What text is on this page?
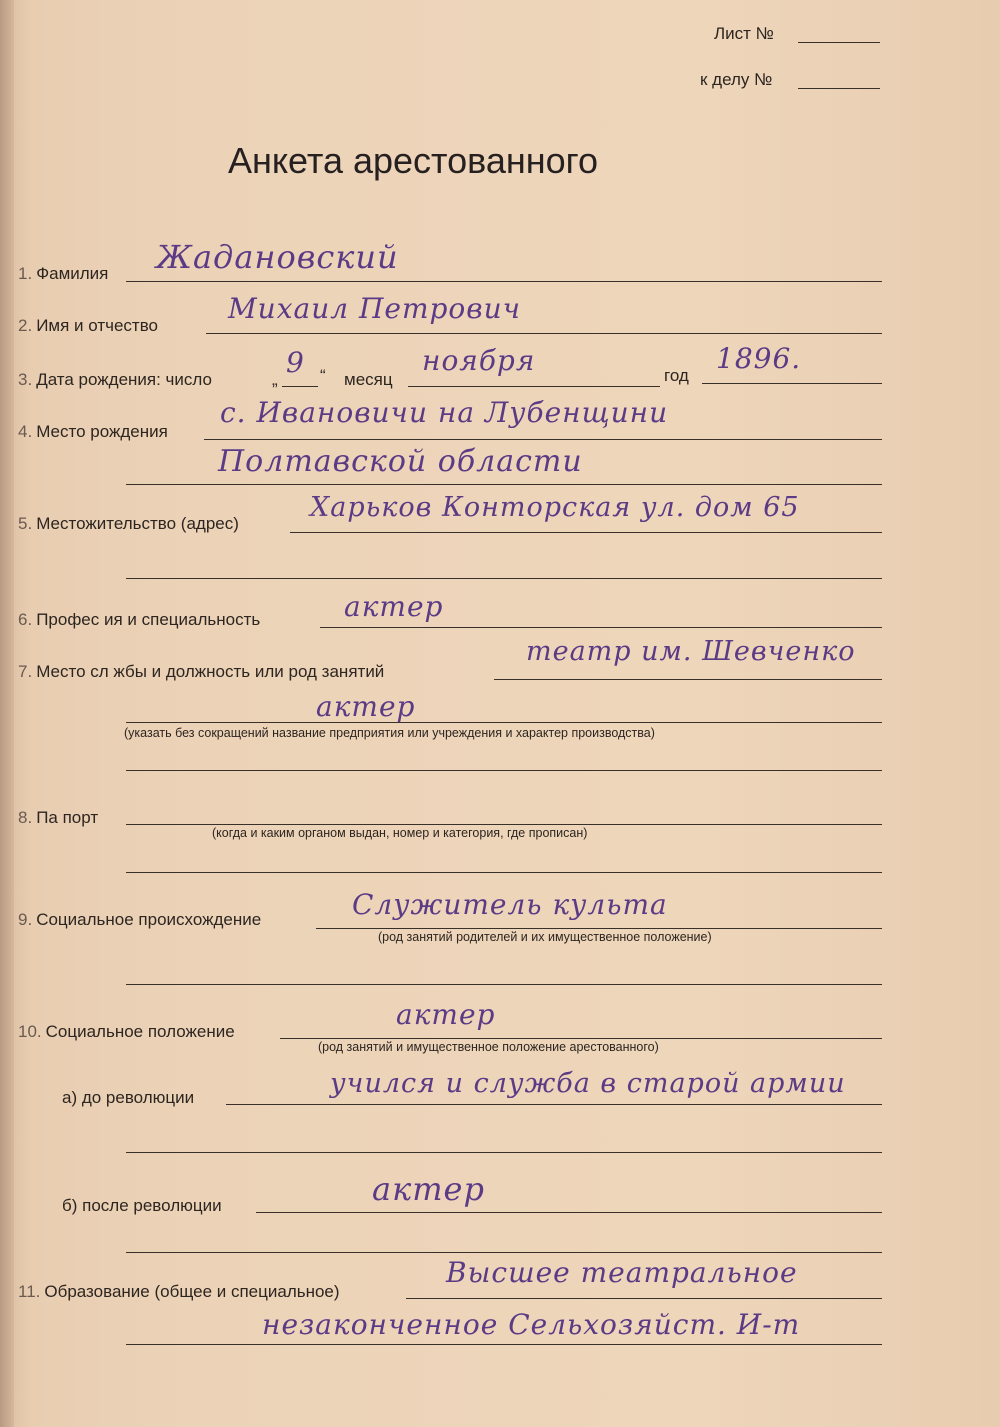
Лист №
к делу №
Анкета арестованного
1. Фамилия Жадановский
2. Имя и отчество
Михаил Петрович
3. Дата рождения: число	„
9 “ месяц
ноября	год
1896.
4. Место рождения
с. Ивановичи на Лубенщини
Полтавской области
5. Местожительство (адрес)
Харьков Конторская ул. дом 65
6. Профес ия и специальность	актер
7. Место сл жбы и должность или род занятий
театр им. Шевченко
актер
(указать без сокращений название предприятия или учреждения и характер производства)
8. Па порт
(когда и каким органом выдан, номер и категория, где прописан)
9. Социальное происхождение	Служитель культа
(род занятий родителей и их имущественное положение)
10. Социальное положение
актер
(род занятий и имущественное положение арестованного)
а) до революции	учился и служба в старой армии
б) после революции	актер
11. Образование (общее и специальное)
Высшее театральное
незаконченное Сельхозяйст. И-т
